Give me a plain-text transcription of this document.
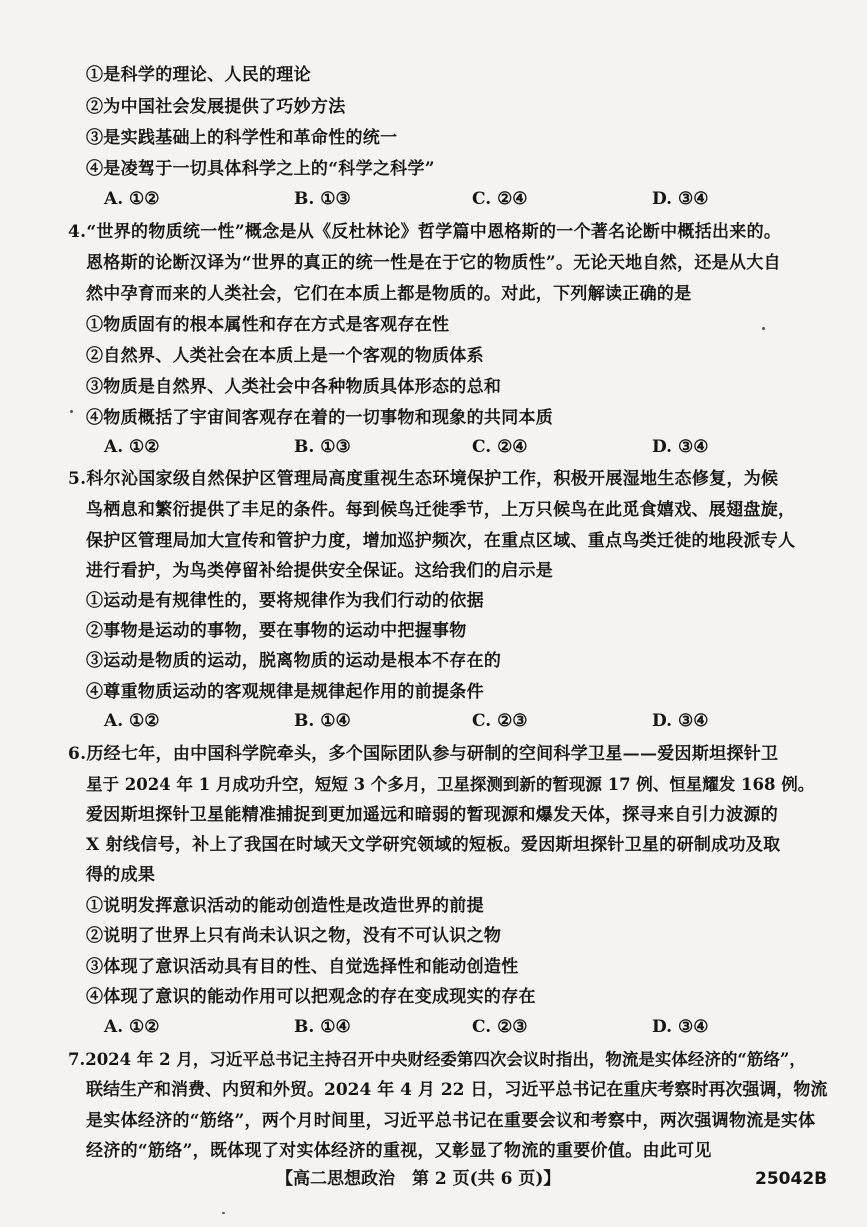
①是科学的理论、人民的理论
②为中国社会发展提供了巧妙方法
③是实践基础上的科学性和革命性的统一
④是凌驾于一切具体科学之上的“科学之科学”
A. ①②	B. ①③	C. ②④	D. ③④
4.“世界的物质统一性”概念是从《反杜林论》哲学篇中恩格斯的一个著名论断中概括出来的。
恩格斯的论断汉译为“世界的真正的统一性是在于它的物质性”。无论天地自然，还是从大自
然中孕育而来的人类社会，它们在本质上都是物质的。对此，下列解读正确的是
①物质固有的根本属性和存在方式是客观存在性
②自然界、人类社会在本质上是一个客观的物质体系
③物质是自然界、人类社会中各种物质具体形态的总和
④物质概括了宇宙间客观存在着的一切事物和现象的共同本质
A. ①②	B. ①③	C. ②④	D. ③④
5.科尔沁国家级自然保护区管理局高度重视生态环境保护工作，积极开展湿地生态修复，为候
鸟栖息和繁衍提供了丰足的条件。每到候鸟迁徙季节，上万只候鸟在此觅食嬉戏、展翅盘旋，
保护区管理局加大宣传和管护力度，增加巡护频次，在重点区域、重点鸟类迁徙的地段派专人
进行看护，为鸟类停留补给提供安全保证。这给我们的启示是
①运动是有规律性的，要将规律作为我们行动的依据
②事物是运动的事物，要在事物的运动中把握事物
③运动是物质的运动，脱离物质的运动是根本不存在的
④尊重物质运动的客观规律是规律起作用的前提条件
A. ①②	B. ①④	C. ②③	D. ③④
6.历经七年，由中国科学院牵头，多个国际团队参与研制的空间科学卫星——爱因斯坦探针卫
星于 2024 年 1 月成功升空，短短 3 个多月，卫星探测到新的暂现源 17 例、恒星耀发 168 例。
爱因斯坦探针卫星能精准捕捉到更加遥远和暗弱的暂现源和爆发天体，探寻来自引力波源的
X 射线信号，补上了我国在时域天文学研究领域的短板。爱因斯坦探针卫星的研制成功及取
得的成果
①说明发挥意识活动的能动创造性是改造世界的前提
②说明了世界上只有尚未认识之物，没有不可认识之物
③体现了意识活动具有目的性、自觉选择性和能动创造性
④体现了意识的能动作用可以把观念的存在变成现实的存在
A. ①②	B. ①④	C. ②③	D. ③④
7.2024 年 2 月，习近平总书记主持召开中央财经委第四次会议时指出，物流是实体经济的“筋络”，
联结生产和消费、内贸和外贸。2024 年 4 月 22 日，习近平总书记在重庆考察时再次强调，物流
是实体经济的“筋络”，两个月时间里，习近平总书记在重要会议和考察中，两次强调物流是实体
经济的“筋络”，既体现了对实体经济的重视，又彰显了物流的重要价值。由此可见
【高二思想政治　第 2 页(共 6 页)】	25042B
